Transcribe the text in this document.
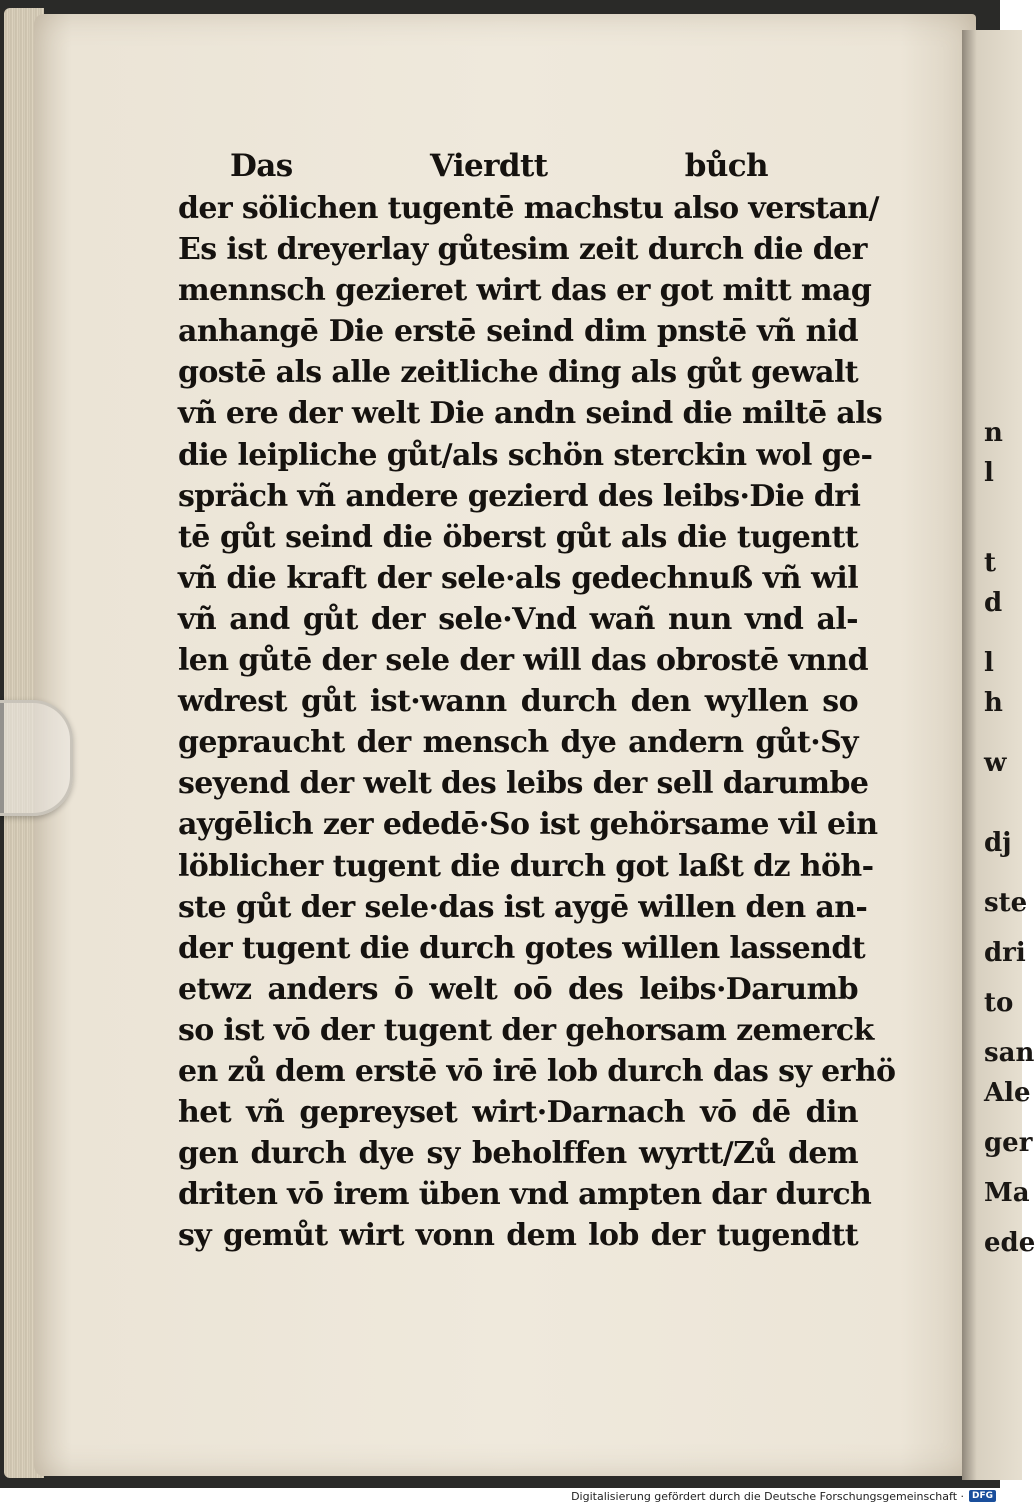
n
l
t
d
l
h
w
dj
ste
dri
to
san
Ale
ger
Ma
ede
Das	Vierdtt	bůch
der sölichen tugentē machstu also verstan/
Es ist dreyerlay gůtesim zeit durch die der
mennsch gezieret wirt das er got mitt mag
anhangē Die erstē seind dim pnstē vñ nid
gostē als alle zeitliche ding als gůt gewalt
vñ ere der welt Die andn seind die miltē als
die leipliche gůt/als schön sterckin wol ge-
spräch vñ andere gezierd des leibs·Die dri
tē gůt seind die öberst gůt als die tugentt
vñ die kraft der sele·als gedechnuß vñ wil
vñ and gůt der sele·Vnd wañ nun vnd al-
len gůtē der sele der will das obrostē vnnd
wdrest gůt ist·wann durch den wyllen so
gepraucht der mensch dye andern gůt·Sy
seyend der welt des leibs der sell darumbe
aygēlich zer ededē·So ist gehörsame vil ein
löblicher tugent die durch got laßt dz höh-
ste gůt der sele·das ist aygē willen den an-
der tugent die durch gotes willen lassendt
etwz anders ō welt oō des leibs·Darumb
so ist vō der tugent der gehorsam zemerck
en zů dem erstē vō irē lob durch das sy erhö
het vñ gepreyset wirt·Darnach vō dē din
gen durch dye sy beholffen wyrtt/Zů dem
driten vō irem üben vnd ampten dar durch
sy gemůt wirt vonn dem lob der tugendtt
Digitalisierung gefördert durch die Deutsche Forschungsgemeinschaft · DFG
